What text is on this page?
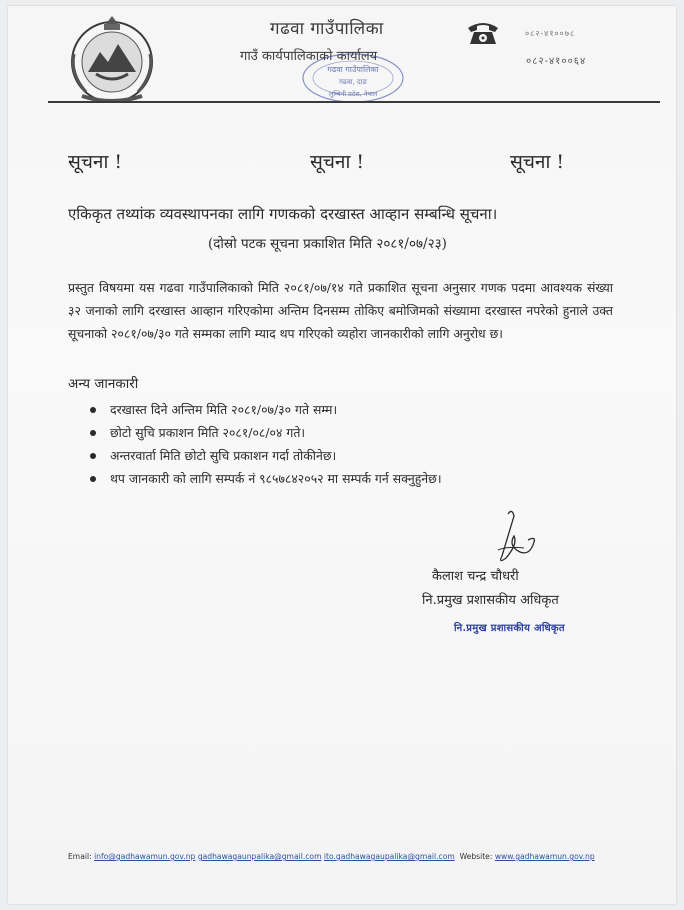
गढवा गाउँपालिका
गाउँ कार्यपालिकाको कार्यालय
गढवा गाउँपालिका
गढवा, दाङ
लुम्बिनी प्रदेश, नेपाल
०८२-४१००७८
०८२-४१००६४
सूचना !	सूचना !	सूचना !
एकिकृत तथ्यांक व्यवस्थापनका लागि गणकको दरखास्त आव्हान सम्बन्धि सूचना।
(दोस्रो पटक सूचना प्रकाशित मिति २०८१/०७/२३)
प्रस्तुत विषयमा यस गढवा गाउँपालिकाको मिति २०८१/०७/१४ गते प्रकाशित सूचना अनुसार गणक पदमा आवश्यक संख्या ३२ जनाको लागि दरखास्त आव्हान गरिएकोमा अन्तिम दिनसम्म तोकिए बमोजिमको संख्यामा दरखास्त नपरेको हुनाले उक्त सूचनाको २०८१/०७/३० गते सम्मका लागि म्याद थप गरिएको व्यहोरा जानकारीको लागि अनुरोध छ।
अन्य जानकारी
दरखास्त दिने अन्तिम मिति २०८१/०७/३० गते सम्म।
छोटो सुचि प्रकाशन मिति २०८१/०८/०४ गते।
अन्तरवार्ता मिति छोटो सुचि प्रकाशन गर्दा तोकीनेछ।
थप जानकारी को लागि सम्पर्क नं ९८५७८४२०५२ मा सम्पर्क गर्न सक्नुहुनेछ।
कैलाश चन्द्र चौधरी
नि.प्रमुख प्रशासकीय अधिकृत
नि.प्रमुख प्रशासकीय अधिकृत
Email: info@gadhawamun.gov.np gadhawagaunpalika@gmail.com ito.gadhawagaupalika@gmail.com Website: www.gadhawamun.gov.np
